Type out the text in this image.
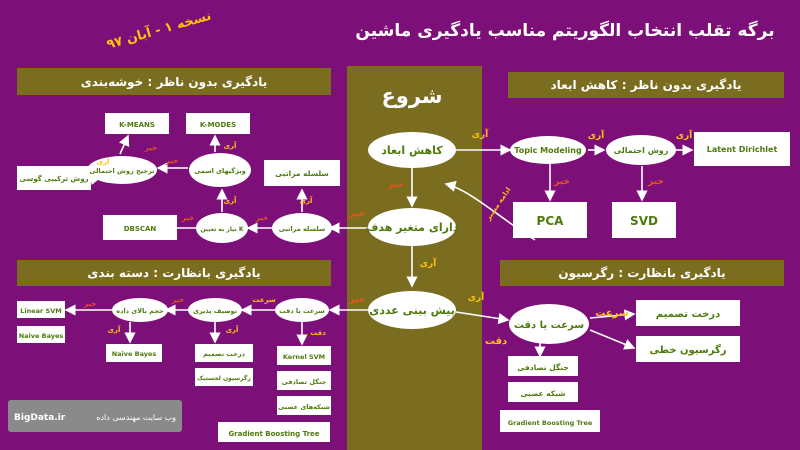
برگه تقلب انتخاب الگوریتم مناسب یادگیری ماشین
نسخه ۱ - آبان ۹۷
یادگیری بدون ناظر : خوشه‌بندی	یادگیری بدون ناظر : کاهش ابعاد
یادگیری بانظارت : دسته بندی	یادگیری بانظارت : رگرسیون
شروع
کاهش ابعاد
دارای متغیر هدف
پیش بینی عددی
Topic Modeling	روش احتمالی	Latent Dirichlet
PCA	SVD
K-MEANS	K-MODES
روش ترکیبی گوسی
ترجیح روش احتمالی	ویژگیهای اسمی	سلسله مراتبی
سلسله مراتبی
نیاز به تعیین K
DBSCAN
Linear SVM
Naive Bayes
حجم بالای داده	توصیف پذیری	سرعت یا دقت
Naive Bayes	درخت تصمیم
رگرسیون لجستیک
Kernel SVM
جنگل تصادفی
شبکه‌های عصبی
Gradient Boosting Tree
سرعت یا دقت
درخت تصمیم
رگرسیون خطی
جنگل تصادفی
شبکه عصبی
Gradient Boosting Tree
آری	آری	آری
خیر	خیر
خیر
آری
خیر
خیر	آری
ادامه مسیر
آری
خیر
خیر
آری
آری
خیر
خیر
آری
سرعت
دقت
خیر
آری
خیر
آری
سرعت
دقت
BigData.ir	وب سایت مهندسی داده
